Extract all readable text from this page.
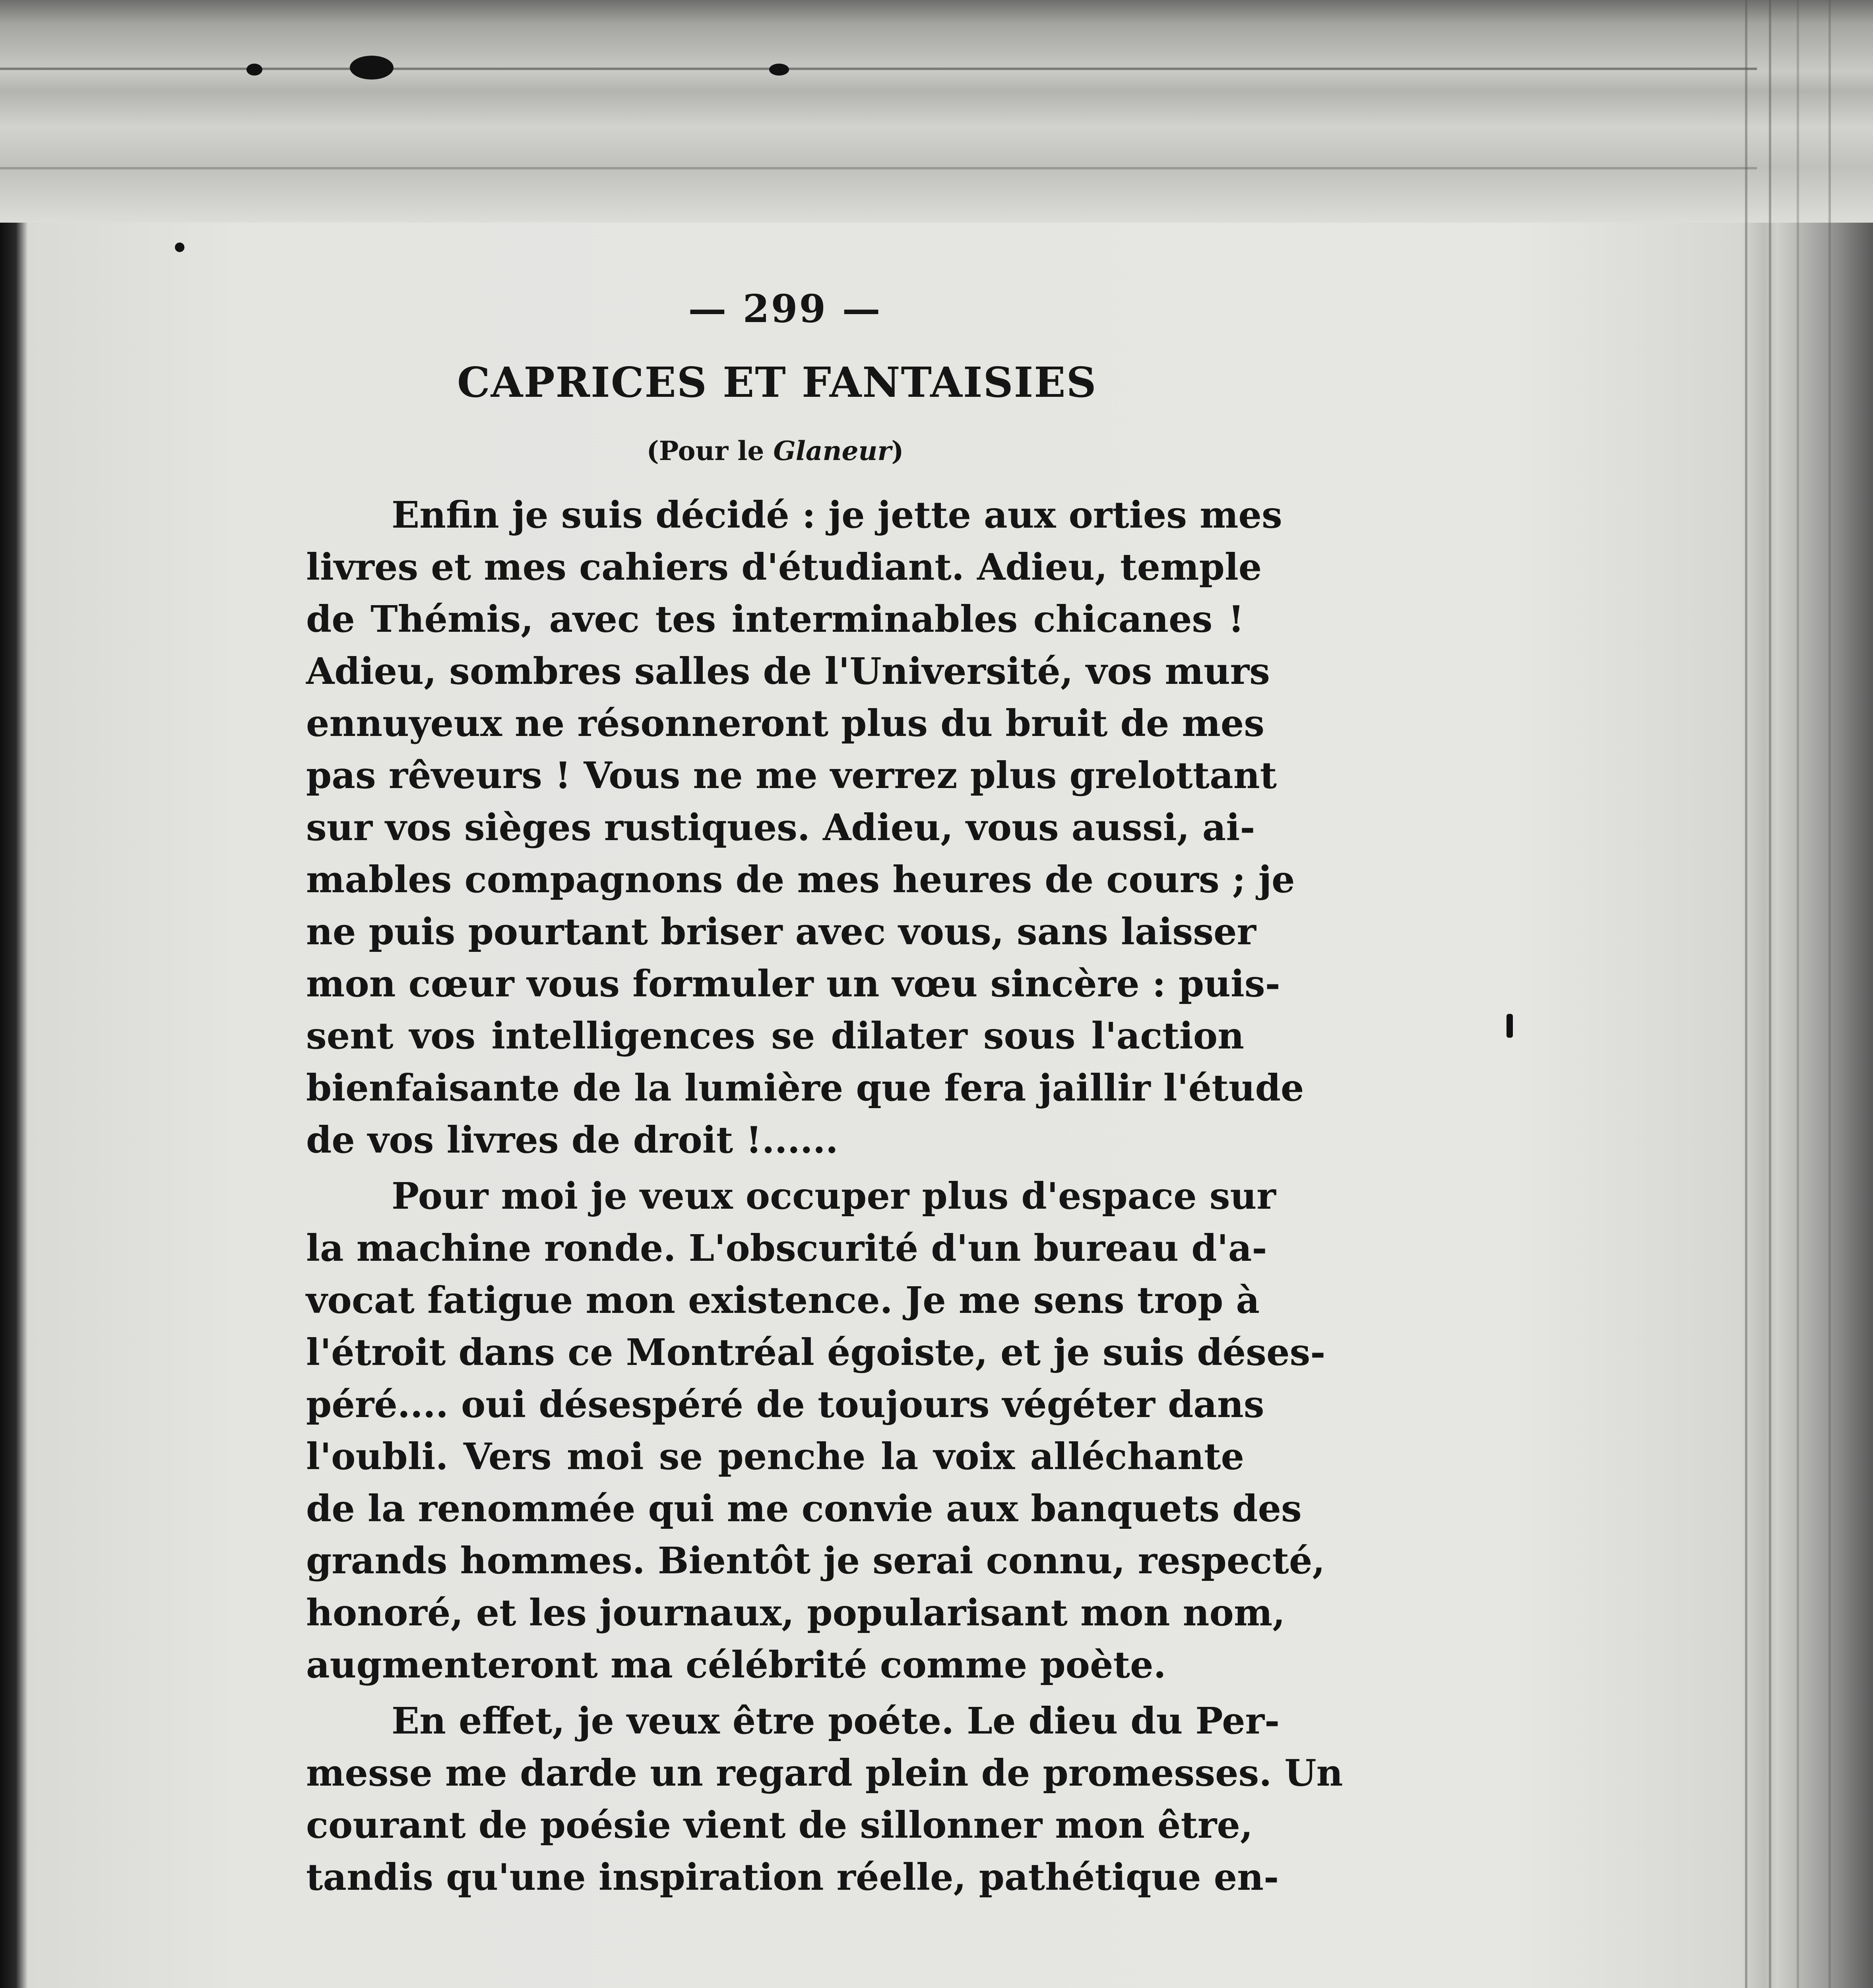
— 299 —
CAPRICES ET FANTAISIES
(Pour le Glaneur)
Enfin je suis décidé : je jette aux orties mes
livres et mes cahiers d'étudiant. Adieu, temple
de Thémis, avec tes interminables chicanes !
Adieu, sombres salles de l'Université, vos murs
ennuyeux ne résonneront plus du bruit de mes
pas rêveurs ! Vous ne me verrez plus grelottant
sur vos sièges rustiques. Adieu, vous aussi, ai-
mables compagnons de mes heures de cours ; je
ne puis pourtant briser avec vous, sans laisser
mon cœur vous formuler un vœu sincère : puis-
sent vos intelligences se dilater sous l'action
bienfaisante de la lumière que fera jaillir l'étude
de vos livres de droit !......
Pour moi je veux occuper plus d'espace sur
la machine ronde. L'obscurité d'un bureau d'a-
vocat fatigue mon existence. Je me sens trop à
l'étroit dans ce Montréal égoiste, et je suis déses-
péré.... oui désespéré de toujours végéter dans
l'oubli. Vers moi se penche la voix alléchante
de la renommée qui me convie aux banquets des
grands hommes. Bientôt je serai connu, respecté,
honoré, et les journaux, popularisant mon nom,
augmenteront ma célébrité comme poète.
En effet, je veux être poéte. Le dieu du Per-
messe me darde un regard plein de promesses. Un
courant de poésie vient de sillonner mon être,
tandis qu'une inspiration réelle, pathétique en-
